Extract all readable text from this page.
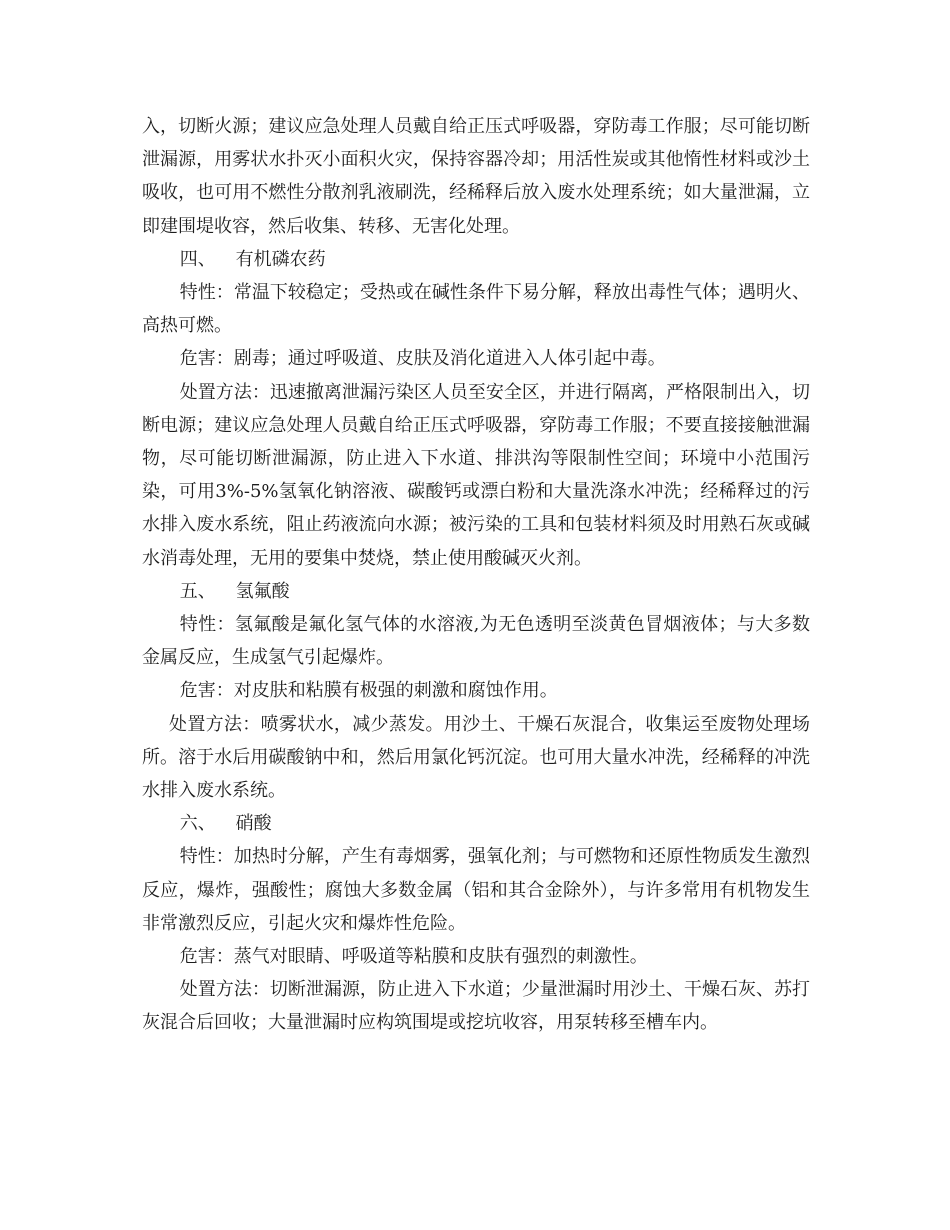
入，切断火源；建议应急处理人员戴自给正压式呼吸器，穿防毒工作服；尽可能切断泄漏源，用雾状水扑灭小面积火灾，保持容器冷却；用活性炭或其他惰性材料或沙土吸收，也可用不燃性分散剂乳液刷洗，经稀释后放入废水处理系统；如大量泄漏，立即建围堤收容，然后收集、转移、无害化处理。

四、 有机磷农药

特性：常温下较稳定；受热或在碱性条件下易分解，释放出毒性气体；遇明火、高热可燃。

危害：剧毒；通过呼吸道、皮肤及消化道进入人体引起中毒。

处置方法：迅速撤离泄漏污染区人员至安全区，并进行隔离，严格限制出入，切断电源；建议应急处理人员戴自给正压式呼吸器，穿防毒工作服；不要直接接触泄漏物，尽可能切断泄漏源，防止进入下水道、排洪沟等限制性空间；环境中小范围污染，可用3%-5%氢氧化钠溶液、碳酸钙或漂白粉和大量洗涤水冲洗；经稀释过的污水排入废水系统，阻止药液流向水源；被污染的工具和包装材料须及时用熟石灰或碱水消毒处理，无用的要集中焚烧，禁止使用酸碱灭火剂。

五、 氢氟酸

特性：氢氟酸是氟化氢气体的水溶液,为无色透明至淡黄色冒烟液体；与大多数金属反应，生成氢气引起爆炸。

危害：对皮肤和粘膜有极强的刺激和腐蚀作用。

处置方法：喷雾状水，减少蒸发。用沙土、干燥石灰混合，收集运至废物处理场所。溶于水后用碳酸钠中和，然后用氯化钙沉淀。也可用大量水冲洗，经稀释的冲洗水排入废水系统。

六、 硝酸

特性：加热时分解，产生有毒烟雾，强氧化剂；与可燃物和还原性物质发生激烈反应，爆炸，强酸性；腐蚀大多数金属（铝和其合金除外），与许多常用有机物发生非常激烈反应，引起火灾和爆炸性危险。

危害：蒸气对眼睛、呼吸道等粘膜和皮肤有强烈的刺激性。

处置方法：切断泄漏源，防止进入下水道；少量泄漏时用沙土、干燥石灰、苏打灰混合后回收；大量泄漏时应构筑围堤或挖坑收容，用泵转移至槽车内。
